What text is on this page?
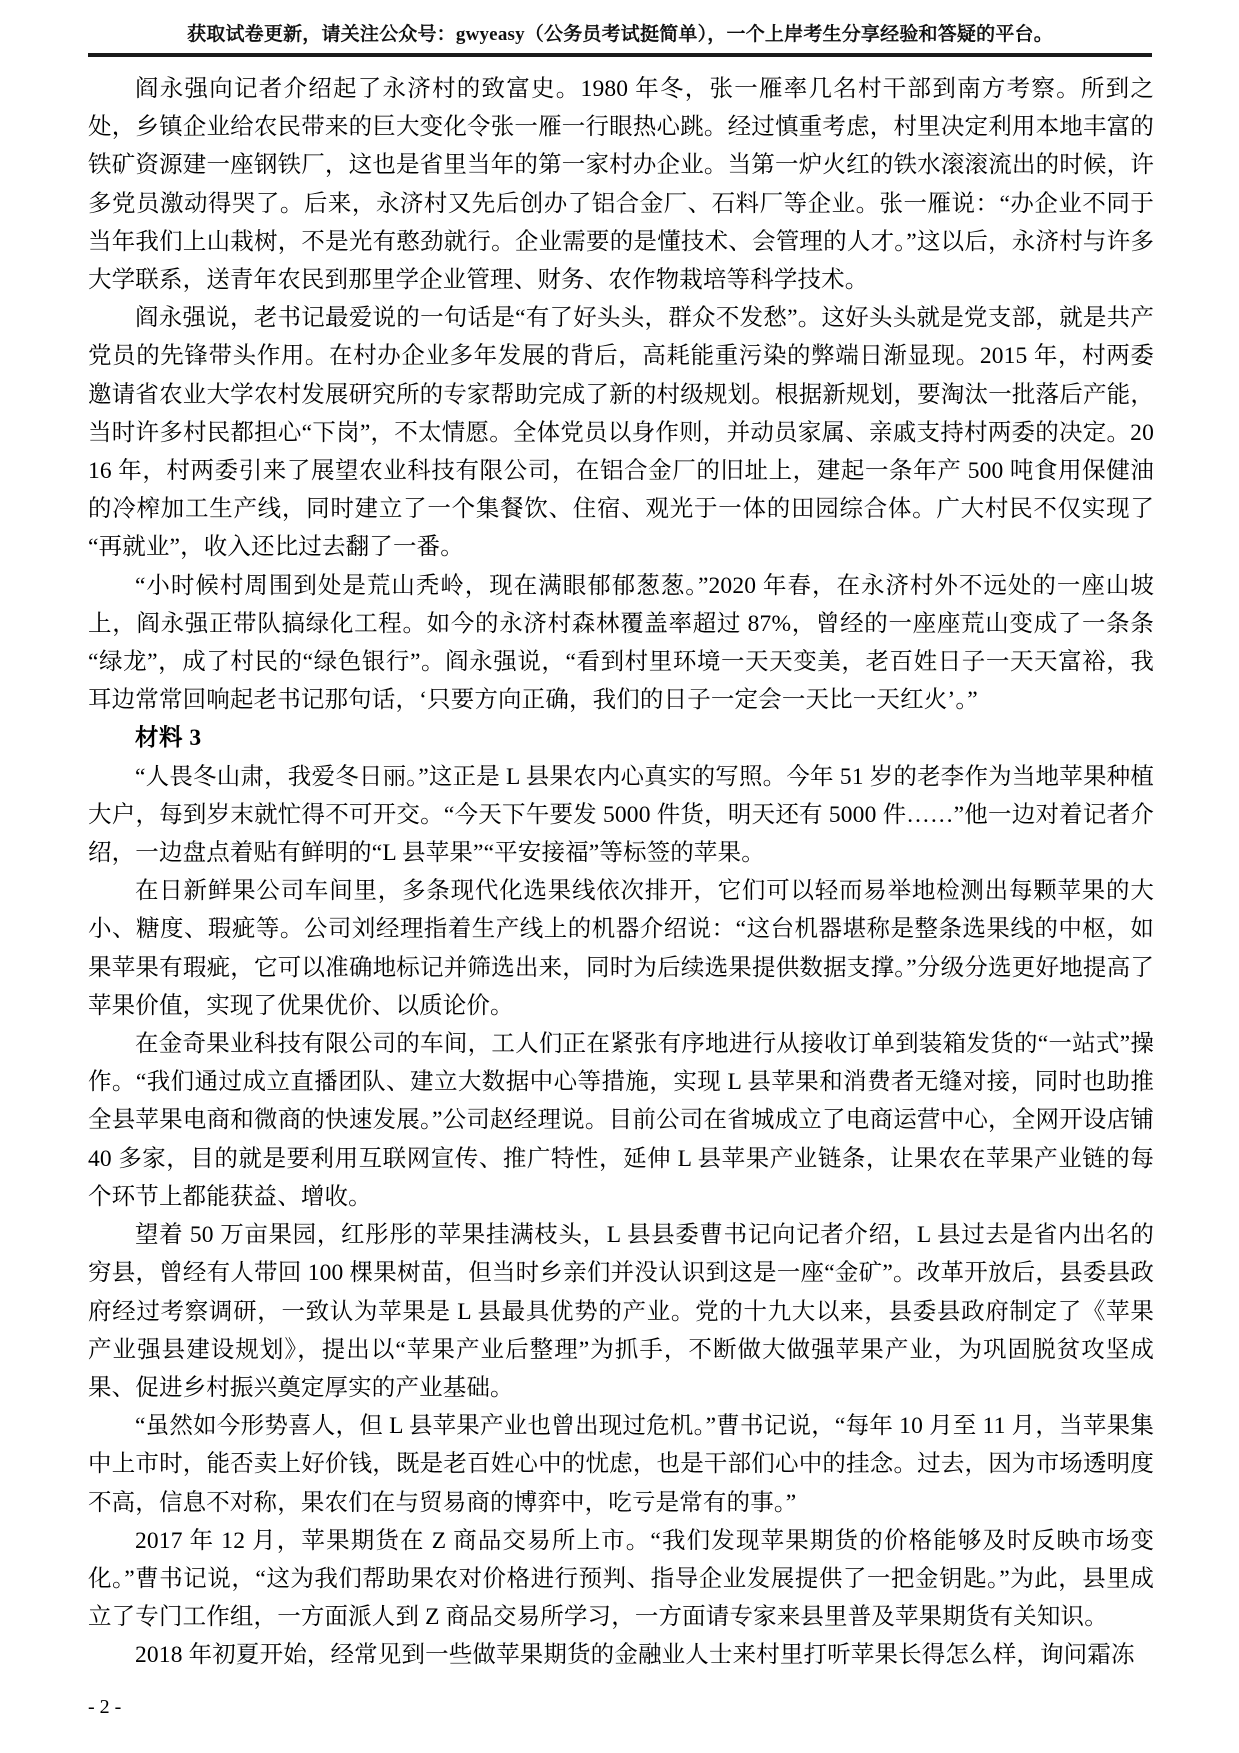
获取试卷更新，请关注公众号：gwyeasy（公务员考试挺简单），一个上岸考生分享经验和答疑的平台。

阎永强向记者介绍起了永济村的致富史。1980 年冬，张一雁率几名村干部到南方考察。所到之处，乡镇企业给农民带来的巨大变化令张一雁一行眼热心跳。经过慎重考虑，村里决定利用本地丰富的铁矿资源建一座钢铁厂，这也是省里当年的第一家村办企业。当第一炉火红的铁水滚滚流出的时候，许多党员激动得哭了。后来，永济村又先后创办了铝合金厂、石料厂等企业。张一雁说：“办企业不同于当年我们上山栽树，不是光有憨劲就行。企业需要的是懂技术、会管理的人才。”这以后，永济村与许多大学联系，送青年农民到那里学企业管理、财务、农作物栽培等科学技术。

阎永强说，老书记最爱说的一句话是“有了好头头，群众不发愁”。这好头头就是党支部，就是共产党员的先锋带头作用。在村办企业多年发展的背后，高耗能重污染的弊端日渐显现。2015 年，村两委邀请省农业大学农村发展研究所的专家帮助完成了新的村级规划。根据新规划，要淘汰一批落后产能，当时许多村民都担心“下岗”，不太情愿。全体党员以身作则，并动员家属、亲戚支持村两委的决定。2016 年，村两委引来了展望农业科技有限公司，在铝合金厂的旧址上，建起一条年产 500 吨食用保健油的冷榨加工生产线，同时建立了一个集餐饮、住宿、观光于一体的田园综合体。广大村民不仅实现了“再就业”，收入还比过去翻了一番。

“小时候村周围到处是荒山秃岭，现在满眼郁郁葱葱。”2020 年春，在永济村外不远处的一座山坡上，阎永强正带队搞绿化工程。如今的永济村森林覆盖率超过 87%，曾经的一座座荒山变成了一条条“绿龙”，成了村民的“绿色银行”。阎永强说，“看到村里环境一天天变美，老百姓日子一天天富裕，我耳边常常回响起老书记那句话，‘只要方向正确，我们的日子一定会一天比一天红火’。”

材料 3

“人畏冬山肃，我爱冬日丽。”这正是 L 县果农内心真实的写照。今年 51 岁的老李作为当地苹果种植大户，每到岁末就忙得不可开交。“今天下午要发 5000 件货，明天还有 5000 件……”他一边对着记者介绍，一边盘点着贴有鲜明的“L 县苹果”“平安接福”等标签的苹果。

在日新鲜果公司车间里，多条现代化选果线依次排开，它们可以轻而易举地检测出每颗苹果的大小、糖度、瑕疵等。公司刘经理指着生产线上的机器介绍说：“这台机器堪称是整条选果线的中枢，如果苹果有瑕疵，它可以准确地标记并筛选出来，同时为后续选果提供数据支撑。”分级分选更好地提高了苹果价值，实现了优果优价、以质论价。

在金奇果业科技有限公司的车间，工人们正在紧张有序地进行从接收订单到装箱发货的“一站式”操作。“我们通过成立直播团队、建立大数据中心等措施，实现 L 县苹果和消费者无缝对接，同时也助推全县苹果电商和微商的快速发展。”公司赵经理说。目前公司在省城成立了电商运营中心，全网开设店铺 40 多家，目的就是要利用互联网宣传、推广特性，延伸 L 县苹果产业链条，让果农在苹果产业链的每个环节上都能获益、增收。

望着 50 万亩果园，红彤彤的苹果挂满枝头，L 县县委曹书记向记者介绍，L 县过去是省内出名的穷县，曾经有人带回 100 棵果树苗，但当时乡亲们并没认识到这是一座“金矿”。改革开放后，县委县政府经过考察调研，一致认为苹果是 L 县最具优势的产业。党的十九大以来，县委县政府制定了《苹果产业强县建设规划》，提出以“苹果产业后整理”为抓手，不断做大做强苹果产业，为巩固脱贫攻坚成果、促进乡村振兴奠定厚实的产业基础。

“虽然如今形势喜人，但 L 县苹果产业也曾出现过危机。”曹书记说，“每年 10 月至 11 月，当苹果集中上市时，能否卖上好价钱，既是老百姓心中的忧虑，也是干部们心中的挂念。过去，因为市场透明度不高，信息不对称，果农们在与贸易商的博弈中，吃亏是常有的事。”

2017 年 12 月，苹果期货在 Z 商品交易所上市。“我们发现苹果期货的价格能够及时反映市场变化。”曹书记说，“这为我们帮助果农对价格进行预判、指导企业发展提供了一把金钥匙。”为此，县里成立了专门工作组，一方面派人到 Z 商品交易所学习，一方面请专家来县里普及苹果期货有关知识。

2018 年初夏开始，经常见到一些做苹果期货的金融业人士来村里打听苹果长得怎么样，询问霜冻

- 2 -
